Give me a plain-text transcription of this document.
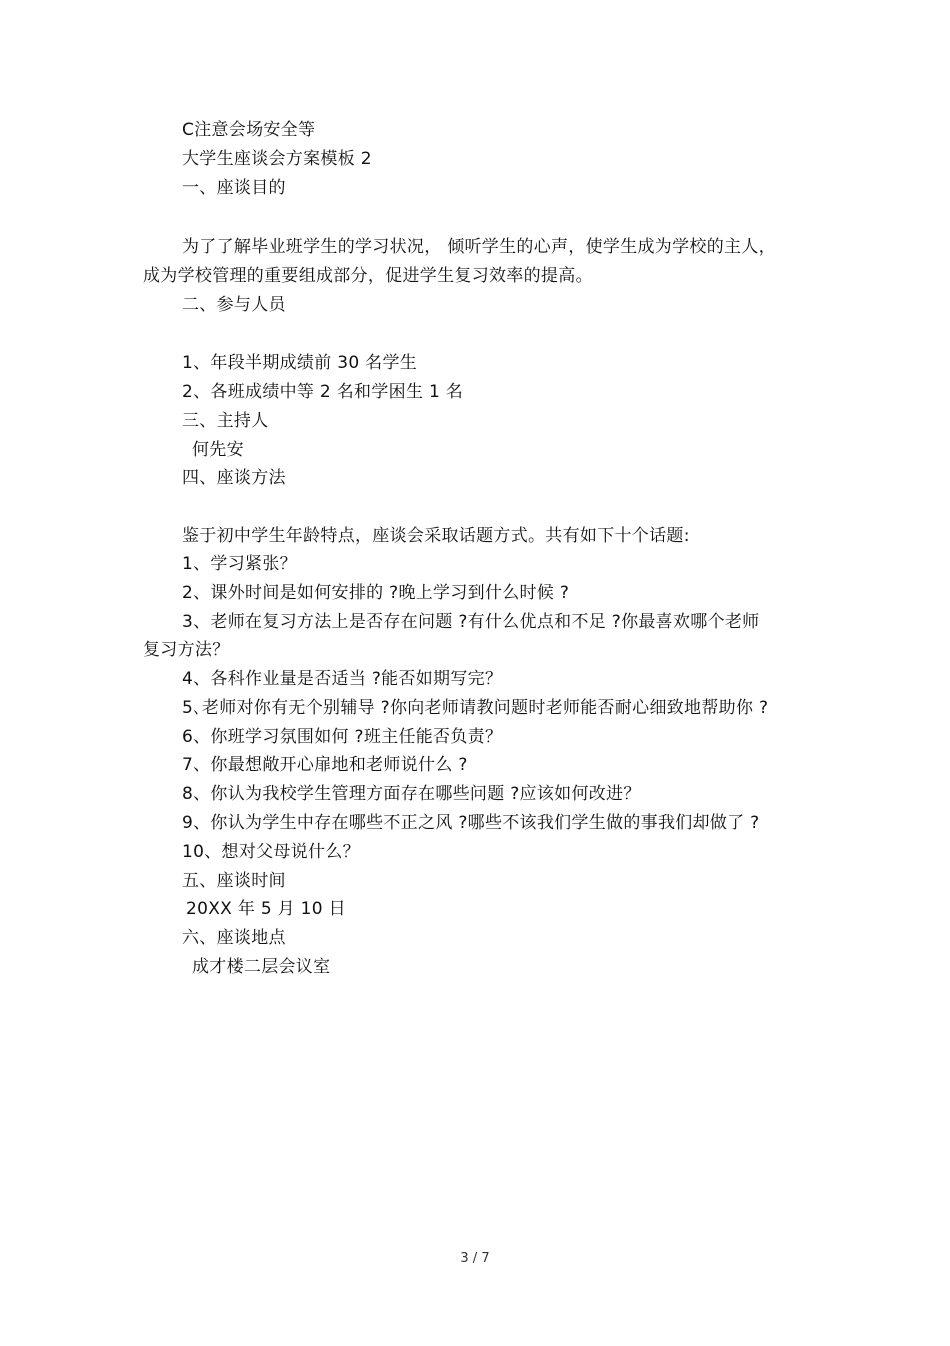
C注意会场安全等
大学生座谈会方案模板 2
一、座谈目的
为了了解毕业班学生的学习状况， 倾听学生的心声，使学生成为学校的主人，
成为学校管理的重要组成部分，促进学生复习效率的提高。
二、参与人员
1、年段半期成绩前 30 名学生
2、各班成绩中等 2 名和学困生 1 名
三、主持人
何先安
四、座谈方法
鉴于初中学生年龄特点，座谈会采取话题方式。共有如下十个话题:
1、学习紧张？
2、课外时间是如何安排的 ?晚上学习到什么时候 ?
3、老师在复习方法上是否存在问题 ?有什么优点和不足 ?你最喜欢哪个老师
复习方法？
4、各科作业量是否适当 ?能否如期写完？
5､老师对你有无个别辅导 ?你向老师请教问题时老师能否耐心细致地帮助你 ?
6、你班学习氛围如何 ?班主任能否负责？
7、你最想敞开心扉地和老师说什么 ?
8、你认为我校学生管理方面存在哪些问题 ?应该如何改进？
9、你认为学生中存在哪些不正之风 ?哪些不该我们学生做的事我们却做了 ?
10、想对父母说什么？
五、座谈时间
20XX 年 5 月 10 日
六、座谈地点
成才楼二层会议室
3 / 7
